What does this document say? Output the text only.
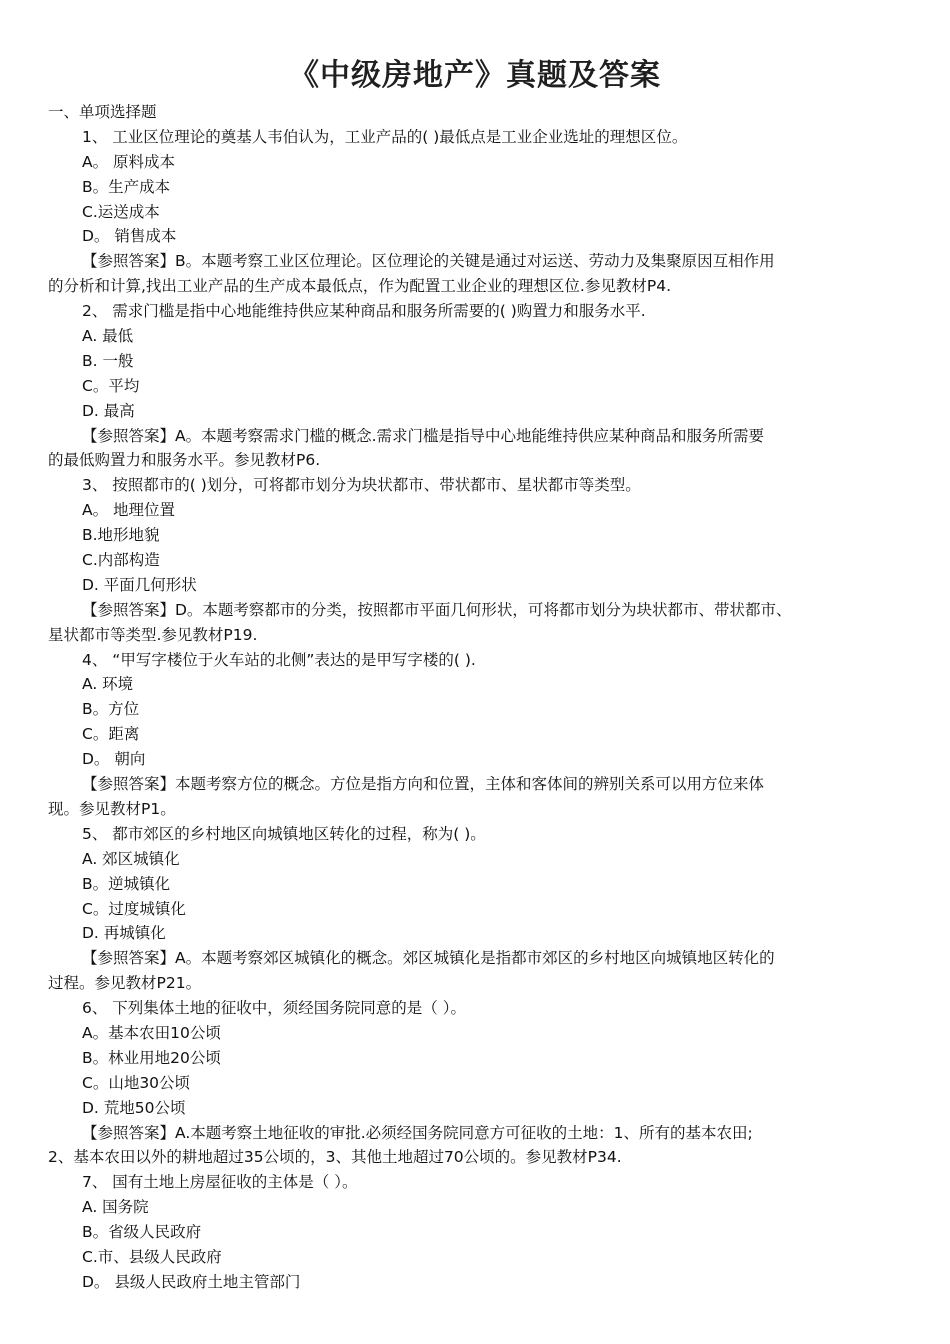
《中级房地产》真题及答案
一、单项选择题
1、 工业区位理论的奠基人韦伯认为，工业产品的( )最低点是工业企业选址的理想区位。
A。 原料成本
B。生产成本
C.运送成本
D。 销售成本
【参照答案】B。本题考察工业区位理论。区位理论的关键是通过对运送、劳动力及集聚原因互相作用
的分析和计算,找出工业产品的生产成本最低点，作为配置工业企业的理想区位.参见教材P4.
2、 需求门槛是指中心地能维持供应某种商品和服务所需要的( )购置力和服务水平.
A. 最低
B. 一般
C。平均
D. 最高
【参照答案】A。本题考察需求门槛的概念.需求门槛是指导中心地能维持供应某种商品和服务所需要
的最低购置力和服务水平。参见教材P6.
3、 按照都市的( )划分，可将都市划分为块状都市、带状都市、星状都市等类型。
A。 地理位置
B.地形地貌
C.内部构造
D. 平面几何形状
【参照答案】D。本题考察都市的分类，按照都市平面几何形状，可将都市划分为块状都市、带状都市、
星状都市等类型.参见教材P19.
4、 “甲写字楼位于火车站的北侧”表达的是甲写字楼的( ).
A. 环境
B。方位
C。距离
D。 朝向
【参照答案】本题考察方位的概念。方位是指方向和位置，主体和客体间的辨别关系可以用方位来体
现。参见教材P1。
5、 都市郊区的乡村地区向城镇地区转化的过程，称为( )。
A. 郊区城镇化
B。逆城镇化
C。过度城镇化
D. 再城镇化
【参照答案】A。本题考察郊区城镇化的概念。郊区城镇化是指都市郊区的乡村地区向城镇地区转化的
过程。参见教材P21。
6、 下列集体土地的征收中，须经国务院同意的是（ ）。
A。基本农田10公顷
B。林业用地20公顷
C。山地30公顷
D. 荒地50公顷
【参照答案】A.本题考察土地征收的审批.必须经国务院同意方可征收的土地：1、所有的基本农田;
2、基本农田以外的耕地超过35公顷的，3、其他土地超过70公顷的。参见教材P34.
7、 国有土地上房屋征收的主体是（ ）。
A. 国务院
B。省级人民政府
C.市、县级人民政府
D。 县级人民政府土地主管部门
